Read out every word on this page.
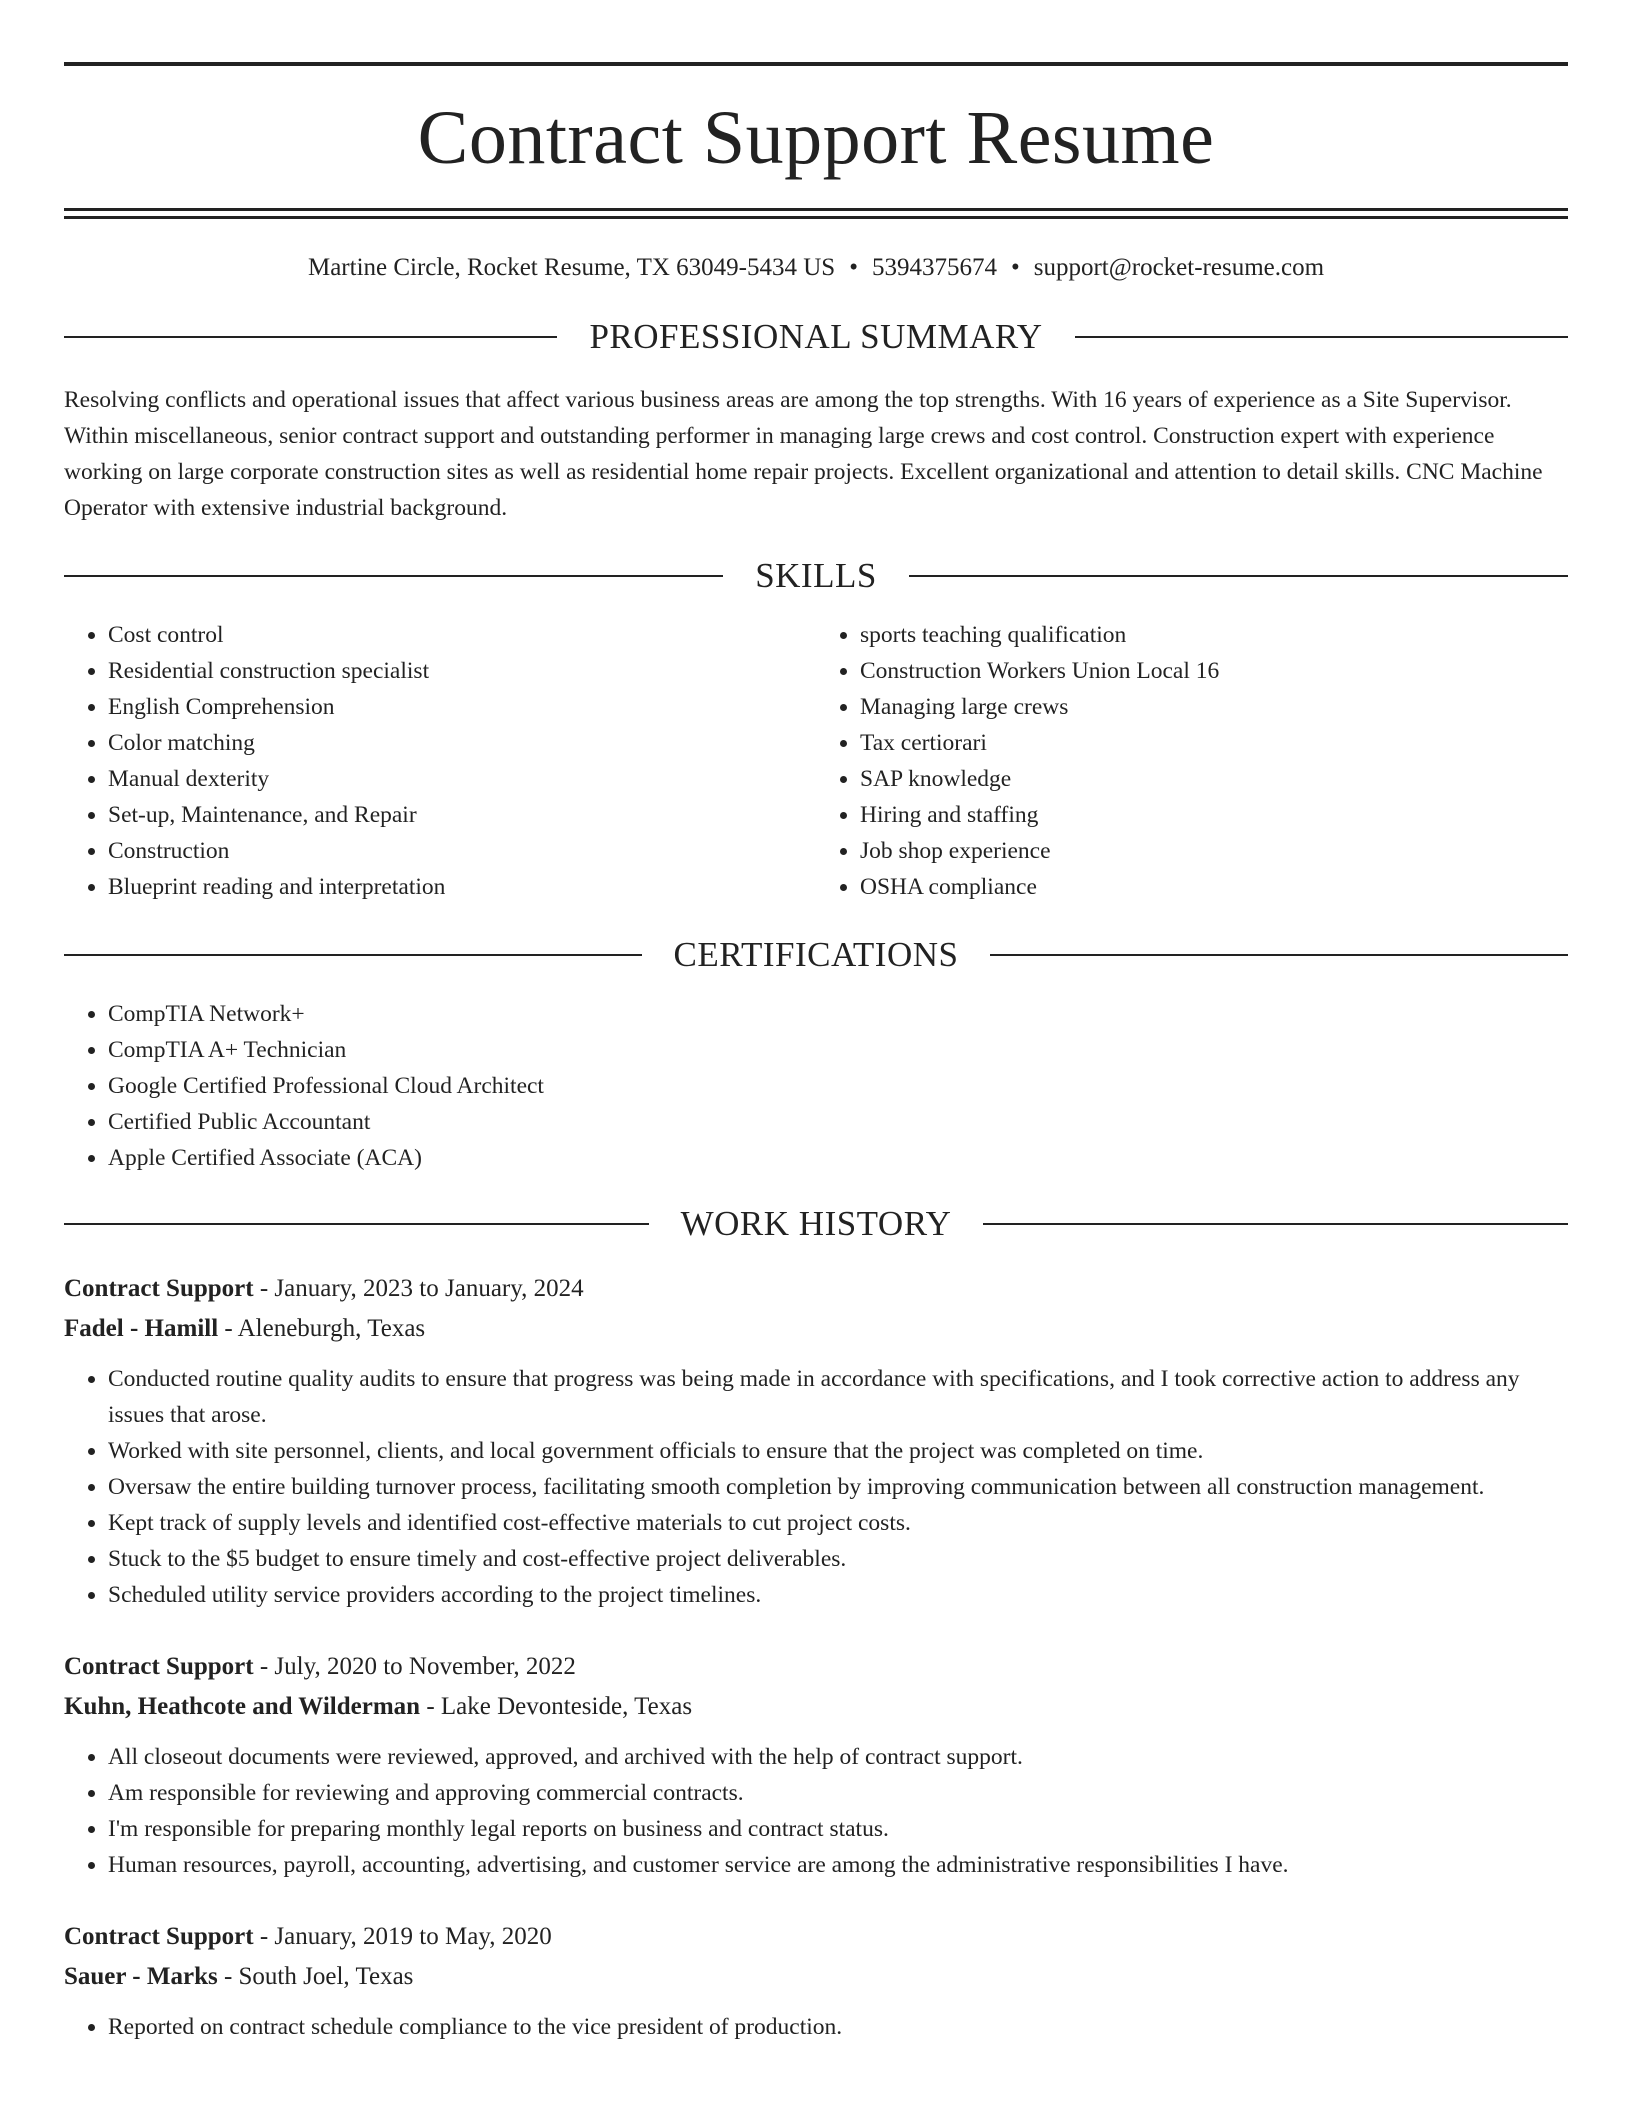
Contract Support Resume
Martine Circle, Rocket Resume, TX 63049-5434 US • 5394375674 • support@rocket-resume.com
PROFESSIONAL SUMMARY
Resolving conflicts and operational issues that affect various business areas are among the top strengths. With 16 years of experience as a Site Supervisor. Within miscellaneous, senior contract support and outstanding performer in managing large crews and cost control. Construction expert with experience working on large corporate construction sites as well as residential home repair projects. Excellent organizational and attention to detail skills. CNC Machine Operator with extensive industrial background.
SKILLS
• Cost control
• Residential construction specialist
• English Comprehension
• Color matching
• Manual dexterity
• Set-up, Maintenance, and Repair
• Construction
• Blueprint reading and interpretation
• sports teaching qualification
• Construction Workers Union Local 16
• Managing large crews
• Tax certiorari
• SAP knowledge
• Hiring and staffing
• Job shop experience
• OSHA compliance
CERTIFICATIONS
• CompTIA Network+
• CompTIA A+ Technician
• Google Certified Professional Cloud Architect
• Certified Public Accountant
• Apple Certified Associate (ACA)
WORK HISTORY
Contract Support - January, 2023 to January, 2024
Fadel - Hamill - Aleneburgh, Texas
• Conducted routine quality audits to ensure that progress was being made in accordance with specifications, and I took corrective action to address any issues that arose.
• Worked with site personnel, clients, and local government officials to ensure that the project was completed on time.
• Oversaw the entire building turnover process, facilitating smooth completion by improving communication between all construction management.
• Kept track of supply levels and identified cost-effective materials to cut project costs.
• Stuck to the $5 budget to ensure timely and cost-effective project deliverables.
• Scheduled utility service providers according to the project timelines.
Contract Support - July, 2020 to November, 2022
Kuhn, Heathcote and Wilderman - Lake Devonteside, Texas
• All closeout documents were reviewed, approved, and archived with the help of contract support.
• Am responsible for reviewing and approving commercial contracts.
• I'm responsible for preparing monthly legal reports on business and contract status.
• Human resources, payroll, accounting, advertising, and customer service are among the administrative responsibilities I have.
Contract Support - January, 2019 to May, 2020
Sauer - Marks - South Joel, Texas
• Reported on contract schedule compliance to the vice president of production.
